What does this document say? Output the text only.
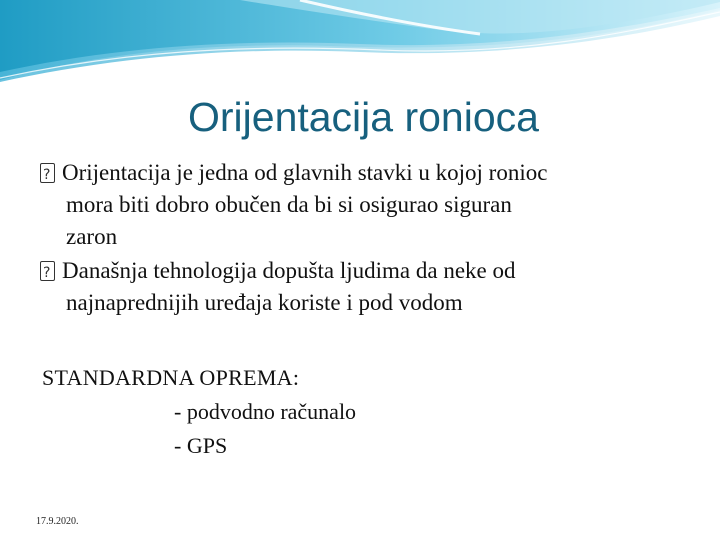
Orijentacija ronioca
?Orijentacija je jedna od glavnih stavki u kojoj ronioc
mora biti dobro obučen da bi si osigurao siguran
zaron
?Današnja tehnologija dopušta ljudima da neke od
najnaprednijih uređaja koriste i pod vodom
STANDARDNA OPREMA:
- podvodno računalo
- GPS
17.9.2020.
